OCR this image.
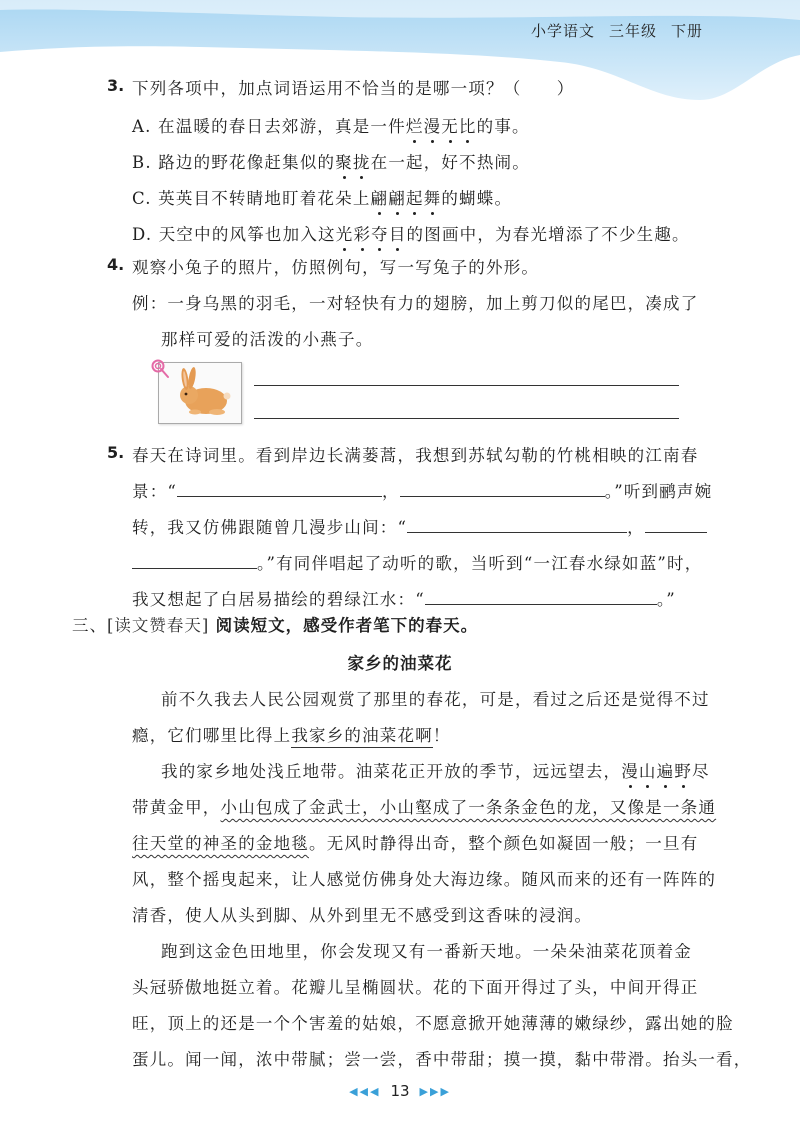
小学语文 三年级 下册
3. 下列各项中，加点词语运用不恰当的是哪一项？（　　）
A. 在温暖的春日去郊游，真是一件烂漫无比的事。
B. 路边的野花像赶集似的聚拢在一起，好不热闹。
C. 英英目不转睛地盯着花朵上翩翩起舞的蝴蝶。
D. 天空中的风筝也加入这光彩夺目的图画中，为春光增添了不少生趣。
4. 观察小兔子的照片，仿照例句，写一写兔子的外形。
例：一身乌黑的羽毛，一对轻快有力的翅膀，加上剪刀似的尾巴，凑成了
那样可爱的活泼的小燕子。
5. 春天在诗词里。看到岸边长满蒌蒿，我想到苏轼勾勒的竹桃相映的江南春
景：“	，	。”听到鹂声婉
转，我又仿佛跟随曾几漫步山间：“	，
。”有同伴唱起了动听的歌，当听到“一江春水绿如蓝”时，
我又想起了白居易描绘的碧绿江水：“	。”
三、[读文赞春天] 阅读短文，感受作者笔下的春天。
家乡的油菜花
前不久我去人民公园观赏了那里的春花，可是，看过之后还是觉得不过
瘾，它们哪里比得上我家乡的油菜花啊！
我的家乡地处浅丘地带。油菜花正开放的季节，远远望去，漫山遍野尽
带黄金甲，小山包成了金武士，小山壑成了一条条金色的龙，又像是一条通
往天堂的神圣的金地毯。无风时静得出奇，整个颜色如凝固一般；一旦有
风，整个摇曳起来，让人感觉仿佛身处大海边缘。随风而来的还有一阵阵的
清香，使人从头到脚、从外到里无不感受到这香味的浸润。
跑到这金色田地里，你会发现又有一番新天地。一朵朵油菜花顶着金
头冠骄傲地挺立着。花瓣儿呈椭圆状。花的下面开得过了头，中间开得正
旺，顶上的还是一个个害羞的姑娘，不愿意掀开她薄薄的嫩绿纱，露出她的脸
蛋儿。闻一闻，浓中带腻；尝一尝，香中带甜；摸一摸，黏中带滑。抬头一看，
◀◀◀ 13 ▶▶▶
